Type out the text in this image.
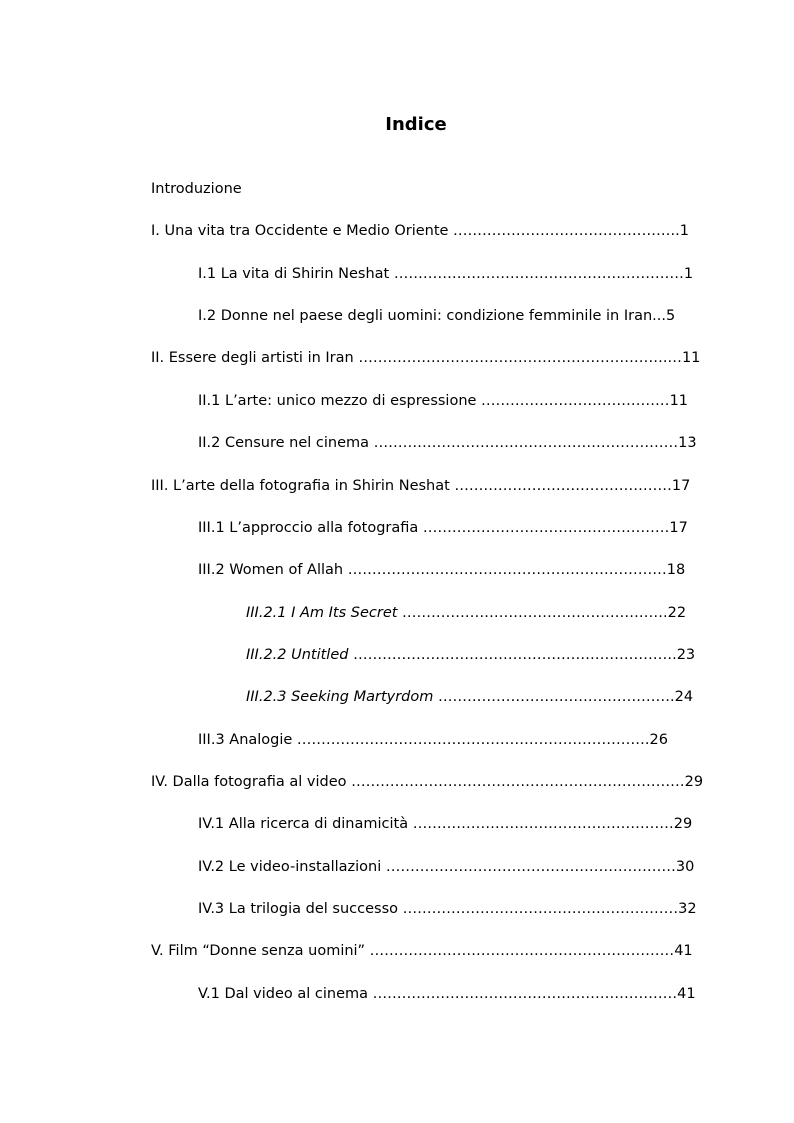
Indice
Introduzione
I. Una vita tra Occidente e Medio Oriente ………………………………………..1
I.1 La vita di Shirin Neshat ……………………………………………………1
I.2 Donne nel paese degli uomini: condizione femminile in Iran...5
II. Essere degli artisti in Iran ……………………………………………………….…11
II.1 L’arte: unico mezzo di espressione …………………………………11
II.2 Censure nel cinema ………………………………………………………13
III. L’arte della fotografia in Shirin Neshat ………………………………………17
III.1 L’approccio alla fotografia ……………………………………………17
III.2 Women of Allah …………………………………………………………18
III.2.1 I Am Its Secret ……………………………………………….22
III.2.2 Untitled ………………………………………………………….23
III.2.3 Seeking Martyrdom ………………………………………….24
III.3 Analogie ……………………………………………………………….26
IV. Dalla fotografia al video ……………………………………………………………29
IV.1 Alla ricerca di dinamicità ………………………………………………29
IV.2 Le video-installazioni ……………………………………………………30
IV.3 La trilogia del successo …………………………………………………32
V. Film “Donne senza uomini” ………………………………………………………41
V.1 Dal video al cinema ………………………………………………………41
